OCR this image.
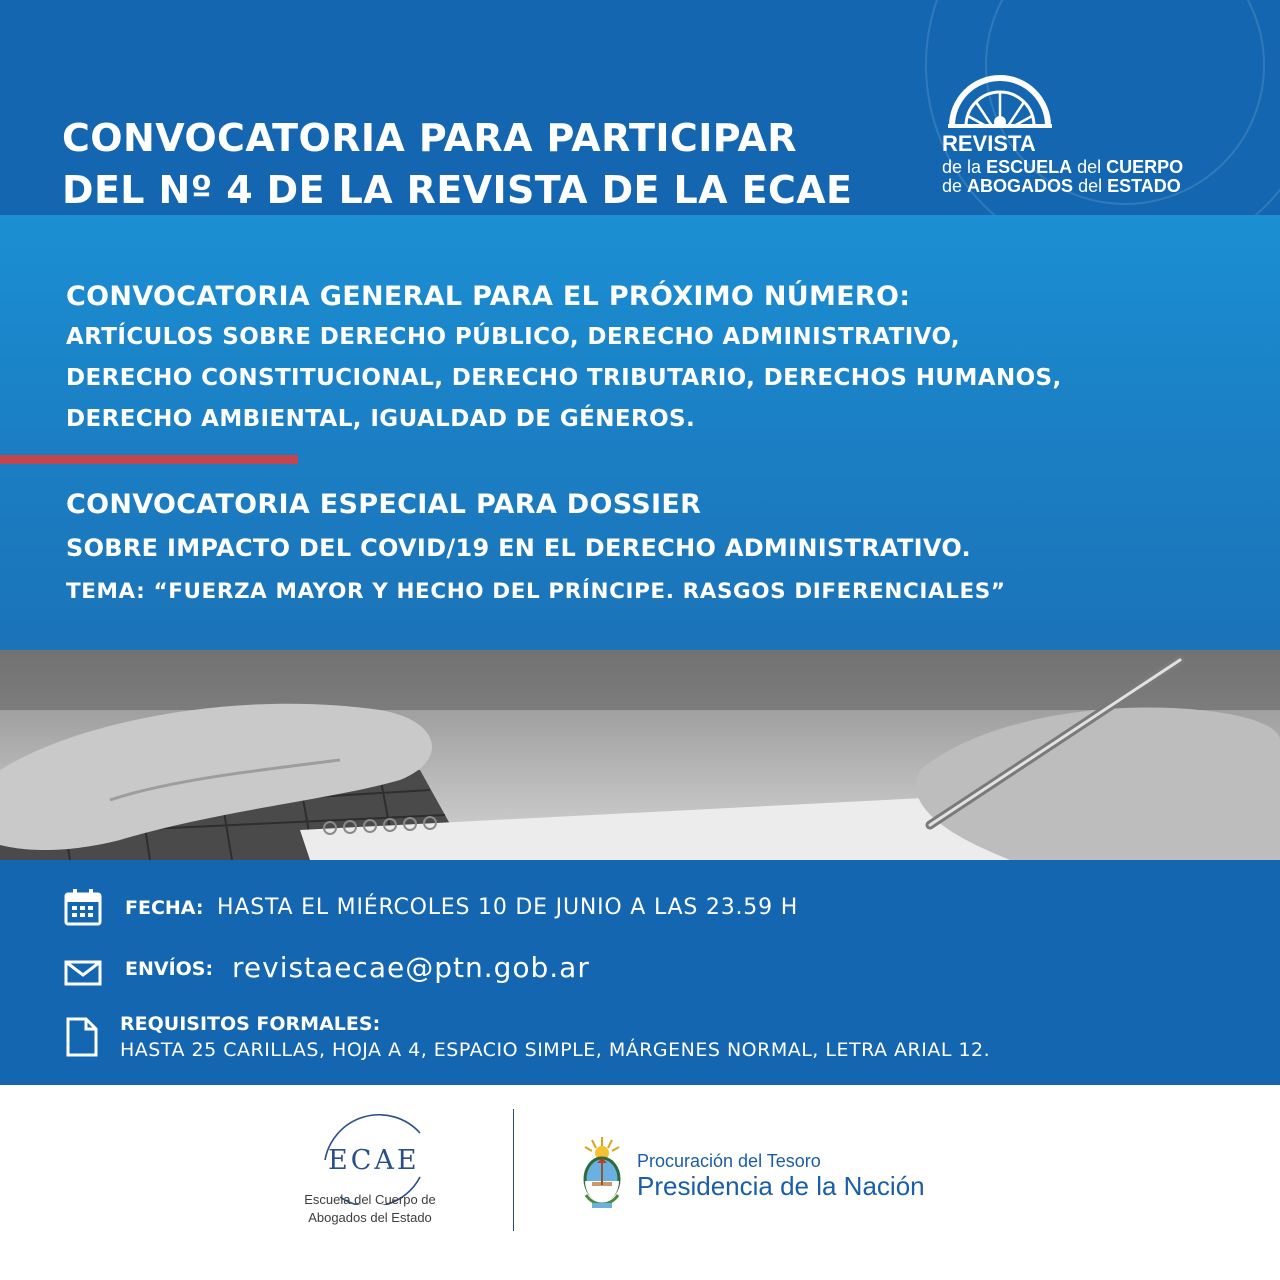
CONVOCATORIA PARA PARTICIPAR
DEL Nº 4 DE LA REVISTA DE LA ECAE
REVISTA
de la ESCUELA del CUERPO
de ABOGADOS del ESTADO
CONVOCATORIA GENERAL PARA EL PRÓXIMO NÚMERO:
ARTÍCULOS SOBRE DERECHO PÚBLICO, DERECHO ADMINISTRATIVO,
DERECHO CONSTITUCIONAL, DERECHO TRIBUTARIO, DERECHOS HUMANOS,
DERECHO AMBIENTAL, IGUALDAD DE GÉNEROS.
CONVOCATORIA ESPECIAL PARA DOSSIER
SOBRE IMPACTO DEL COVID/19 EN EL DERECHO ADMINISTRATIVO.
TEMA: “FUERZA MAYOR Y HECHO DEL PRÍNCIPE. RASGOS DIFERENCIALES”
FECHA: HASTA EL MIÉRCOLES 10 DE JUNIO A LAS 23.59 H
ENVÍOS: revistaecae@ptn.gob.ar
REQUISITOS FORMALES:
HASTA 25 CARILLAS, HOJA A 4, ESPACIO SIMPLE, MÁRGENES NORMAL, LETRA ARIAL 12.
ECAE
Escuela del Cuerpo de
Abogados del Estado
Procuración del Tesoro
Presidencia de la Nación
